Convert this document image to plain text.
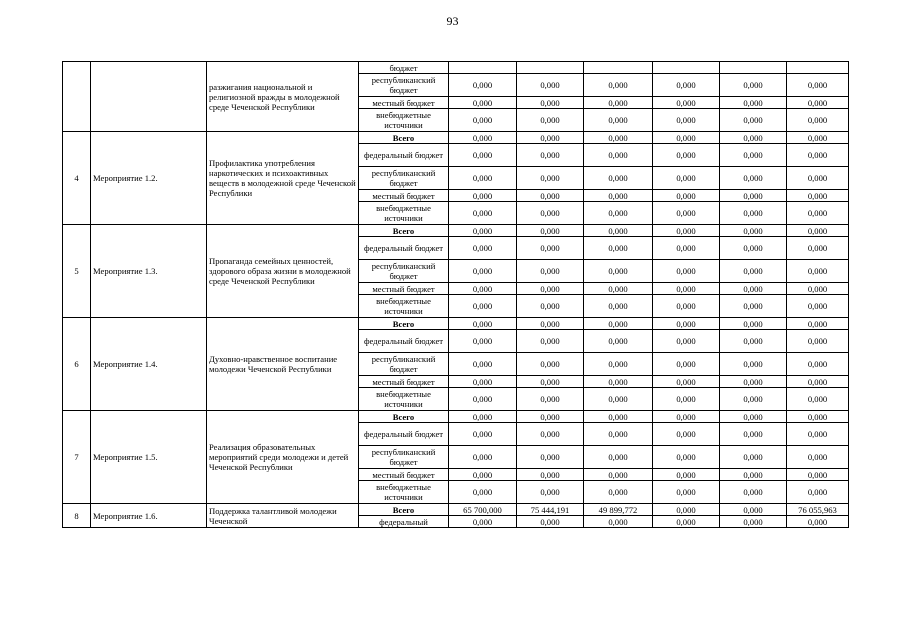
93
		разжигания национальной и религиозной вражды в молодежной среде Чеченской Республики	бюджет						
			республиканский бюджет	0,000	0,000	0,000	0,000	0,000	0,000
			местный бюджет	0,000	0,000	0,000	0,000	0,000	0,000
			внебюджетные источники	0,000	0,000	0,000	0,000	0,000	0,000
4	Мероприятие 1.2.	Профилактика употребления наркотических и психоактивных веществ в молодежной среде Чеченской Республики	Всего	0,000	0,000	0,000	0,000	0,000	0,000
			федеральный бюджет	0,000	0,000	0,000	0,000	0,000	0,000
			республиканский бюджет	0,000	0,000	0,000	0,000	0,000	0,000
			местный бюджет	0,000	0,000	0,000	0,000	0,000	0,000
			внебюджетные источники	0,000	0,000	0,000	0,000	0,000	0,000
5	Мероприятие 1.3.	Пропаганда семейных ценностей, здорового образа жизни в молодежной среде Чеченской Республики	Всего	0,000	0,000	0,000	0,000	0,000	0,000
			федеральный бюджет	0,000	0,000	0,000	0,000	0,000	0,000
			республиканский бюджет	0,000	0,000	0,000	0,000	0,000	0,000
			местный бюджет	0,000	0,000	0,000	0,000	0,000	0,000
			внебюджетные источники	0,000	0,000	0,000	0,000	0,000	0,000
6	Мероприятие 1.4.	Духовно-нравственное воспитание молодежи Чеченской Республики	Всего	0,000	0,000	0,000	0,000	0,000	0,000
			федеральный бюджет	0,000	0,000	0,000	0,000	0,000	0,000
			республиканский бюджет	0,000	0,000	0,000	0,000	0,000	0,000
			местный бюджет	0,000	0,000	0,000	0,000	0,000	0,000
			внебюджетные источники	0,000	0,000	0,000	0,000	0,000	0,000
7	Мероприятие 1.5.	Реализация образовательных мероприятий среди молодежи и детей Чеченской Республики	Всего	0,000	0,000	0,000	0,000	0,000	0,000
			федеральный бюджет	0,000	0,000	0,000	0,000	0,000	0,000
			республиканский бюджет	0,000	0,000	0,000	0,000	0,000	0,000
			местный бюджет	0,000	0,000	0,000	0,000	0,000	0,000
			внебюджетные источники	0,000	0,000	0,000	0,000	0,000	0,000
8	Мероприятие 1.6.	Поддержка талантливой молодежи Чеченской	Всего	65 700,000	75 444,191	49 899,772	0,000	0,000	76 055,963
			федеральный	0,000	0,000	0,000	0,000	0,000	0,000
